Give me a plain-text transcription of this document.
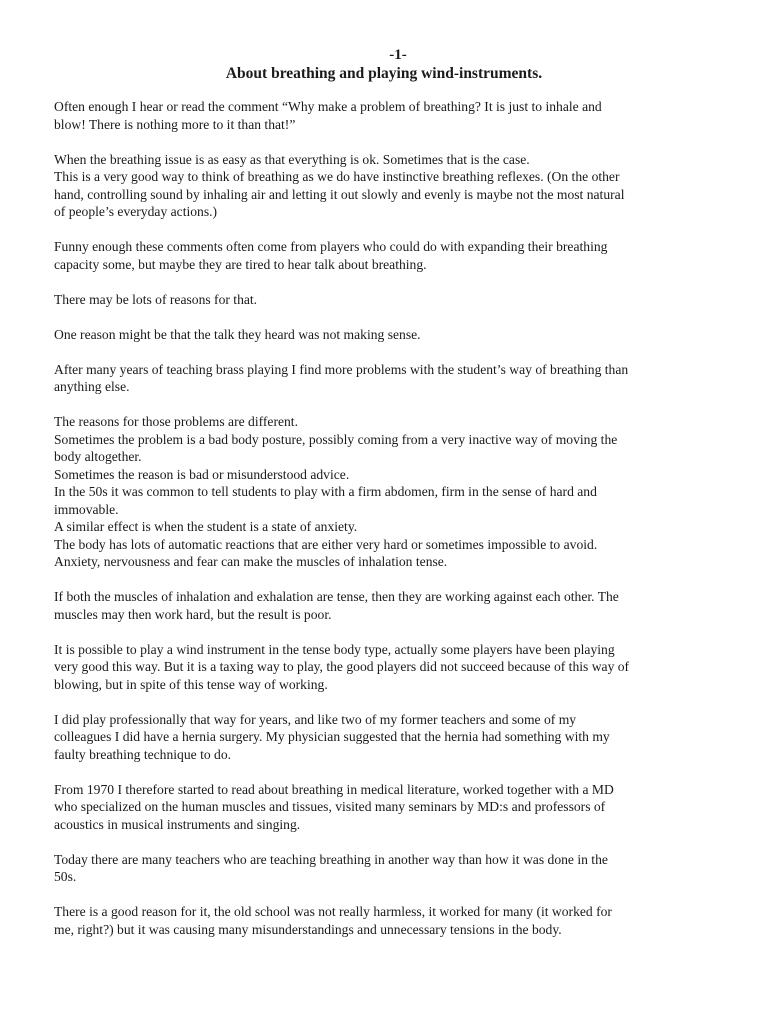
-1-
About breathing and playing wind-instruments.
Often enough I hear or read the comment “Why make a problem of breathing? It is just to inhale and
blow! There is nothing more to it than that!”
When the breathing issue is as easy as that everything is ok. Sometimes that is the case.
This is a very good way to think of breathing as we do have instinctive breathing reflexes. (On the other
hand, controlling sound by inhaling air and letting it out slowly and evenly is maybe not the most natural
of people’s everyday actions.)
Funny enough these comments often come from players who could do with expanding their breathing
capacity some, but maybe they are tired to hear talk about breathing.
There may be lots of reasons for that.
One reason might be that the talk they heard was not making sense.
After many years of teaching brass playing I find more problems with the student’s way of breathing than
anything else.
The reasons for those problems are different.
Sometimes the problem is a bad body posture, possibly coming from a very inactive way of moving the
body altogether.
Sometimes the reason is bad or misunderstood advice.
In the 50s it was common to tell students to play with a firm abdomen, firm in the sense of hard and
immovable.
A similar effect is when the student is a state of anxiety.
The body has lots of automatic reactions that are either very hard or sometimes impossible to avoid.
Anxiety, nervousness and fear can make the muscles of inhalation tense.
If both the muscles of inhalation and exhalation are tense, then they are working against each other. The
muscles may then work hard, but the result is poor.
It is possible to play a wind instrument in the tense body type, actually some players have been playing
very good this way. But it is a taxing way to play, the good players did not succeed because of this way of
blowing, but in spite of this tense way of working.
I did play professionally that way for years, and like two of my former teachers and some of my
colleagues I did have a hernia surgery. My physician suggested that the hernia had something with my
faulty breathing technique to do.
From 1970 I therefore started to read about breathing in medical literature, worked together with a MD
who specialized on the human muscles and tissues, visited many seminars by MD:s and professors of
acoustics in musical instruments and singing.
Today there are many teachers who are teaching breathing in another way than how it was done in the
50s.
There is a good reason for it, the old school was not really harmless, it worked for many (it worked for
me, right?) but it was causing many misunderstandings and unnecessary tensions in the body.
